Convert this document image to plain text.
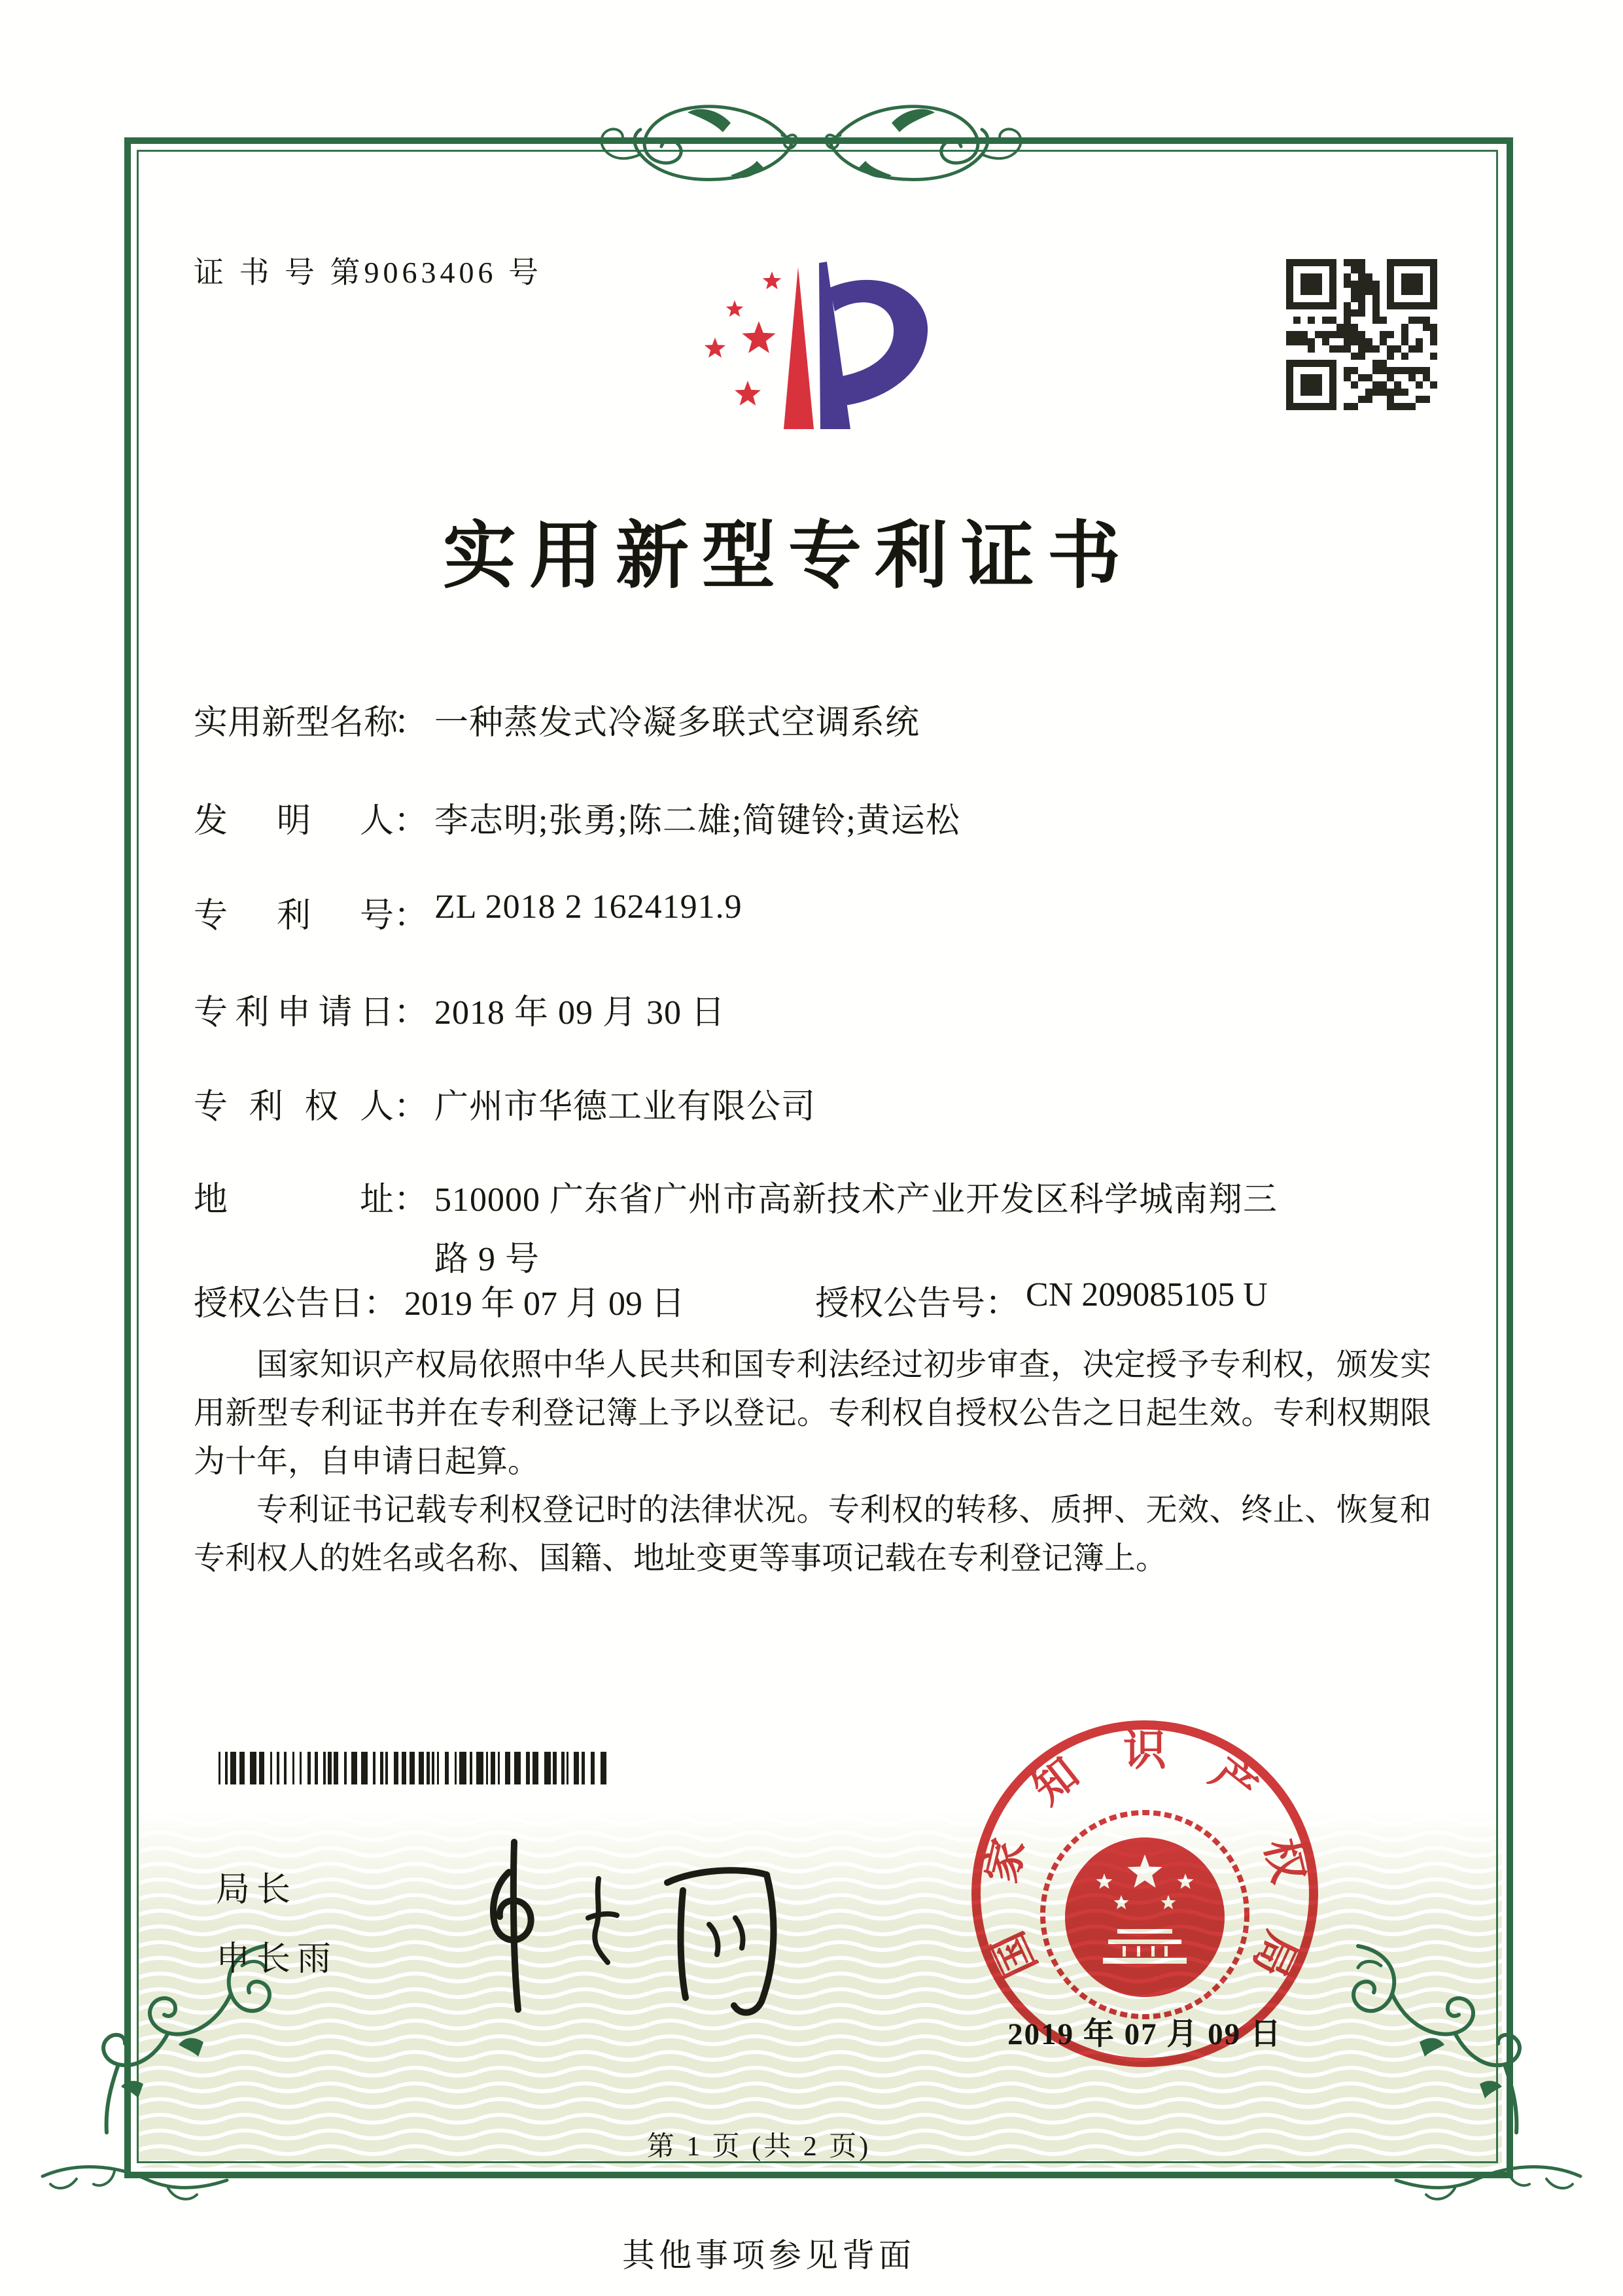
证 书 号 第9063406 号
实用新型专利证书
实 用 新 型 名 称
： 一种蒸发式冷凝多联式空调系统
发 明 人 ： 李志明;张勇;陈二雄;简键铃;黄运松
专 利 号 ： ZL 2018 2 1624191.9
专 利 申 请 日 ： 2018 年 09 月 30 日
专 利 权 人 ： 广州市华德工业有限公司
地	址 ： 510000 广东省广州市高新技术产业开发区科学城南翔三
路 9 号
授权公告日 ： 2019 年 07 月 09 日	授权公告号 ： CN 209085105 U

国家知识产权局依照中华人民共和国专利法经过初步审查，决定授予专利权，颁发实用新型专利证书并在专利登记簿上予以登记。专利权自授权公告之日起生效。专利权期限为十年，自申请日起算。

专利证书记载专利权登记时的法律状况。专利权的转移、质押、无效、终止、恢复和专利权人的姓名或名称、国籍、地址变更等事项记载在专利登记簿上。

局长
申长雨	国
家
知 识 产
权
局
2019 年 07 月 09 日
第 1 页 (共 2 页)
其他事项参见背面
